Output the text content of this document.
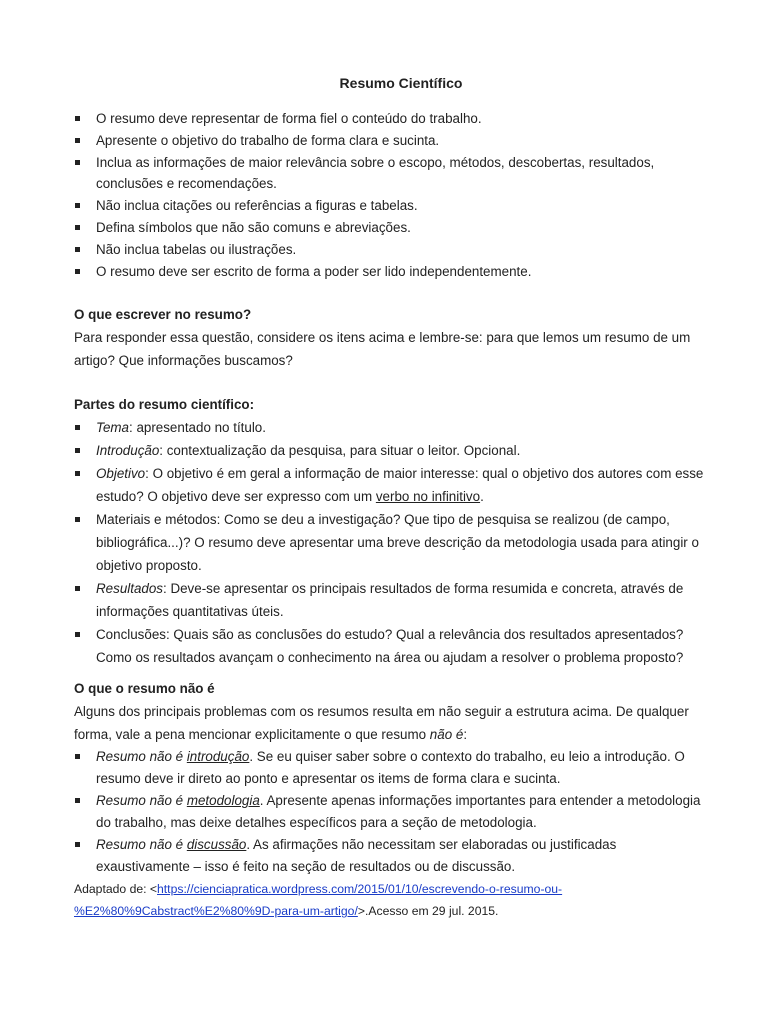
Resumo Científico
O resumo deve representar de forma fiel o conteúdo do trabalho.
Apresente o objetivo do trabalho de forma clara e sucinta.
Inclua as informações de maior relevância sobre o escopo, métodos, descobertas, resultados, conclusões e recomendações.
Não inclua citações ou referências a figuras e tabelas.
Defina símbolos que não são comuns e abreviações.
Não inclua tabelas ou ilustrações.
O resumo deve ser escrito de forma a poder ser lido independentemente.
O que escrever no resumo?
Para responder essa questão, considere os itens acima e lembre-se: para que lemos um resumo de um artigo? Que informações buscamos?
Partes do resumo científico:
Tema: apresentado no título.
Introdução: contextualização da pesquisa, para situar o leitor. Opcional.
Objetivo: O objetivo é em geral a informação de maior interesse: qual o objetivo dos autores com esse estudo? O objetivo deve ser expresso com um verbo no infinitivo.
Materiais e métodos: Como se deu a investigação? Que tipo de pesquisa se realizou (de campo, bibliográfica...)? O resumo deve apresentar uma breve descrição da metodologia usada para atingir o objetivo proposto.
Resultados: Deve-se apresentar os principais resultados de forma resumida e concreta, através de informações quantitativas úteis.
Conclusões: Quais são as conclusões do estudo? Qual a relevância dos resultados apresentados? Como os resultados avançam o conhecimento na área ou ajudam a resolver o problema proposto?
O que o resumo não é
Alguns dos principais problemas com os resumos resulta em não seguir a estrutura acima. De qualquer forma, vale a pena mencionar explicitamente o que resumo não é:
Resumo não é introdução. Se eu quiser saber sobre o contexto do trabalho, eu leio a introdução. O resumo deve ir direto ao ponto e apresentar os items de forma clara e sucinta.
Resumo não é metodologia. Apresente apenas informações importantes para entender a metodologia do trabalho, mas deixe detalhes específicos para a seção de metodologia.
Resumo não é discussão. As afirmações não necessitam ser elaboradas ou justificadas exaustivamente – isso é feito na seção de resultados ou de discussão.
Adaptado de: <https://cienciapratica.wordpress.com/2015/01/10/escrevendo-o-resumo-ou-
%E2%80%9Cabstract%E2%80%9D-para-um-artigo/>.Acesso em 29 jul. 2015.
